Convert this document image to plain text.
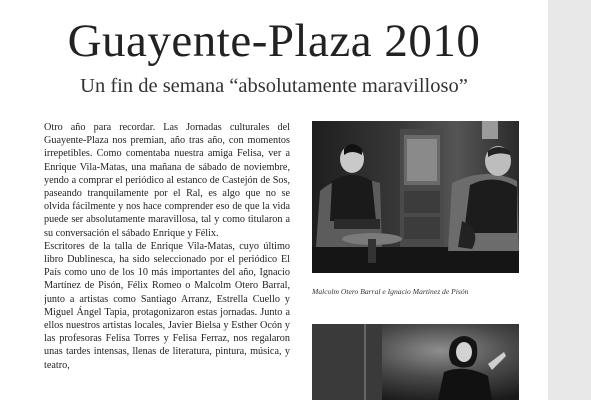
Guayente-Plaza 2010
Un fin de semana “absolutamente maravilloso”

Otro año para recordar. Las Jornadas culturales del Guayente-Plaza nos premian, año tras año, con momentos irrepetibles. Como comentaba nuestra amiga Felisa, ver a Enrique Vila-Matas, una mañana de sábado de noviembre, yendo a comprar el periódico al estanco de Castejón de Sos, paseando tranquilamente por el Ral, es algo que no se olvida fácilmente y nos hace comprender eso de que la vida puede ser absolutamente maravillosa, tal y como titularon a su conversación el sábado Enrique y Félix.

Escritores de la talla de Enrique Vila-Matas, cuyo último libro Dublinesca, ha sido seleccionado por el periódico El País como uno de los 10 más importantes del año, Ignacio Martínez de Pisón, Félix Romeo o Malcolm Otero Barral, junto a artistas como Santiago Arranz, Estrella Cuello y Miguel Ángel Tapia, protagonizaron estas jornadas. Junto a ellos nuestros artistas locales, Javier Bielsa y Esther Ocón y las profesoras Felisa Torres y Felisa Ferraz, nos regalaron unas tardes intensas, llenas de literatura, pintura, música, y teatro,

Malcolm Otero Barral e Ignacio Martínez de Pisón
